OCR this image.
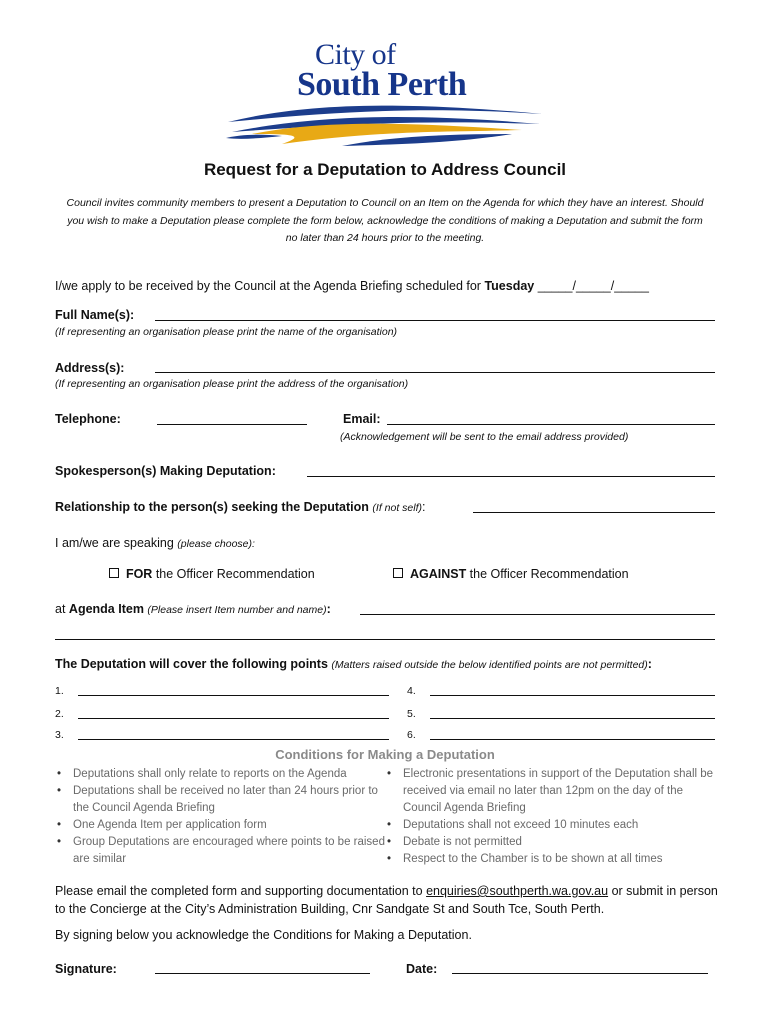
City of
South Perth
Request for a Deputation to Address Council
Council invites community members to present a Deputation to Council on an Item on the Agenda for which they have an interest. Should you wish to make a Deputation please complete the form below, acknowledge the conditions of making a Deputation and submit the form no later than 24 hours prior to the meeting.
I/we apply to be received by the Council at the Agenda Briefing scheduled for Tuesday _____/_____/_____
Full Name(s):
(If representing an organisation please print the name of the organisation)
Address(s):
(If representing an organisation please print the address of the organisation)
Telephone:	Email:
(Acknowledgement will be sent to the email address provided)
Spokesperson(s) Making Deputation:
Relationship to the person(s) seeking the Deputation (If not self):
I am/we are speaking (please choose):
FOR the Officer Recommendation	AGAINST the Officer Recommendation
at Agenda Item (Please insert Item number and name):
The Deputation will cover the following points (Matters raised outside the below identified points are not permitted):
1.
2.
3.
4.
5.
6.
Conditions for Making a Deputation
• Deputations shall only relate to reports on the Agenda
• Deputations shall be received no later than 24 hours prior to the Council Agenda Briefing
• One Agenda Item per application form
• Group Deputations are encouraged where points to be raised are similar
• Electronic presentations in support of the Deputation shall be received via email no later than 12pm on the day of the Council Agenda Briefing
• Deputations shall not exceed 10 minutes each
• Debate is not permitted
• Respect to the Chamber is to be shown at all times
Please email the completed form and supporting documentation to enquiries@southperth.wa.gov.au or submit in person to the Concierge at the City’s Administration Building, Cnr Sandgate St and South Tce, South Perth.
By signing below you acknowledge the Conditions for Making a Deputation.
Signature:	Date:
